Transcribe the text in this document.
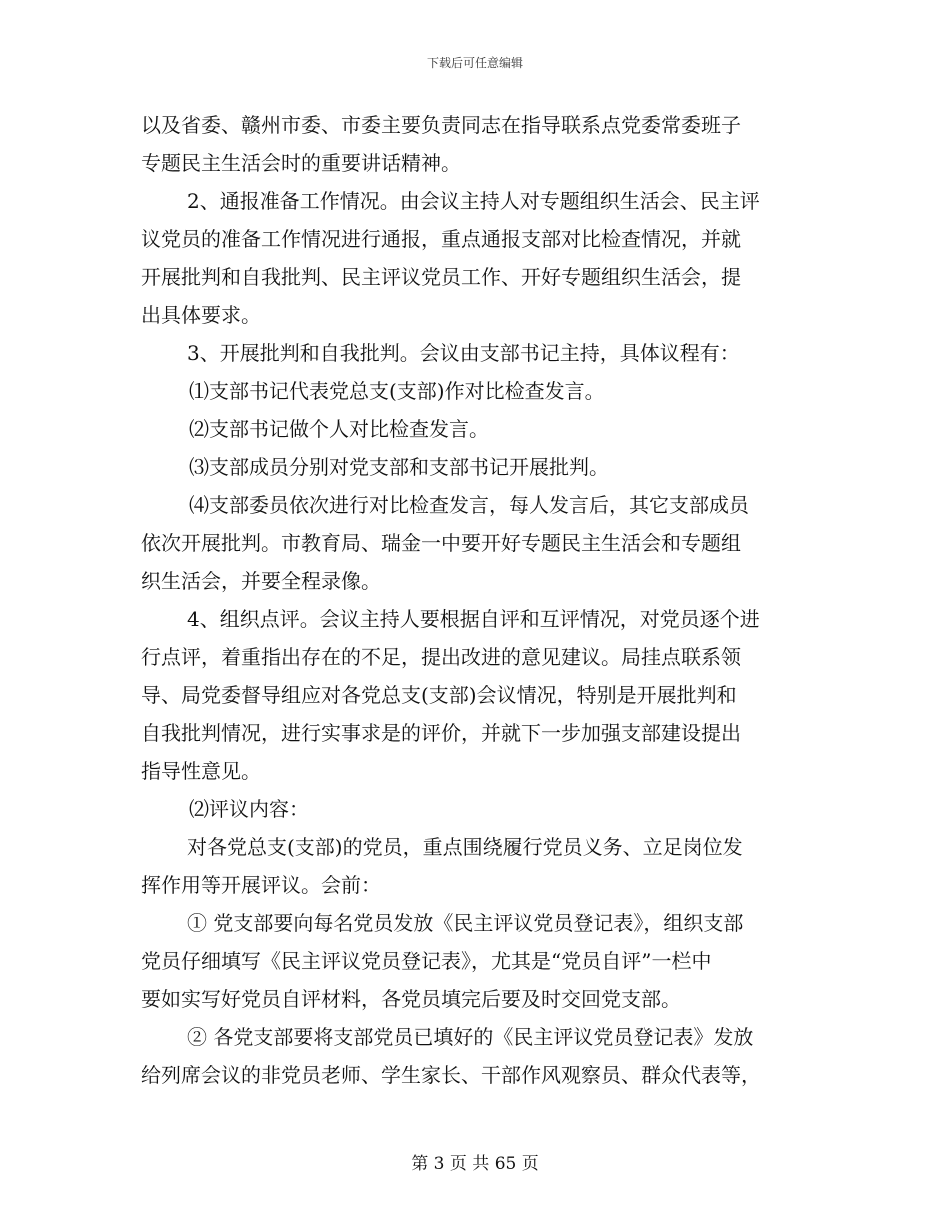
下载后可任意编辑
以及省委、赣州市委、市委主要负责同志在指导联系点党委常委班子
专题民主生活会时的重要讲话精神。
2、通报准备工作情况。由会议主持人对专题组织生活会、民主评
议党员的准备工作情况进行通报，重点通报支部对比检查情况，并就
开展批判和自我批判、民主评议党员工作、开好专题组织生活会，提
出具体要求。
3、开展批判和自我批判。会议由支部书记主持，具体议程有：
⑴支部书记代表党总支(支部)作对比检查发言。
⑵支部书记做个人对比检查发言。
⑶支部成员分别对党支部和支部书记开展批判。
⑷支部委员依次进行对比检查发言，每人发言后，其它支部成员
依次开展批判。市教育局、瑞金一中要开好专题民主生活会和专题组
织生活会，并要全程录像。
4、组织点评。会议主持人要根据自评和互评情况，对党员逐个进
行点评，着重指出存在的不足，提出改进的意见建议。局挂点联系领
导、局党委督导组应对各党总支(支部)会议情况，特别是开展批判和
自我批判情况，进行实事求是的评价，并就下一步加强支部建设提出
指导性意见。
⑵评议内容：
对各党总支(支部)的党员，重点围绕履行党员义务、立足岗位发
挥作用等开展评议。会前：
① 党支部要向每名党员发放《民主评议党员登记表》，组织支部
党员仔细填写《民主评议党员登记表》，尤其是“党员自评”一栏中
要如实写好党员自评材料，各党员填完后要及时交回党支部。
② 各党支部要将支部党员已填好的《民主评议党员登记表》发放
给列席会议的非党员老师、学生家长、干部作风观察员、群众代表等，
第 3 页 共 65 页
